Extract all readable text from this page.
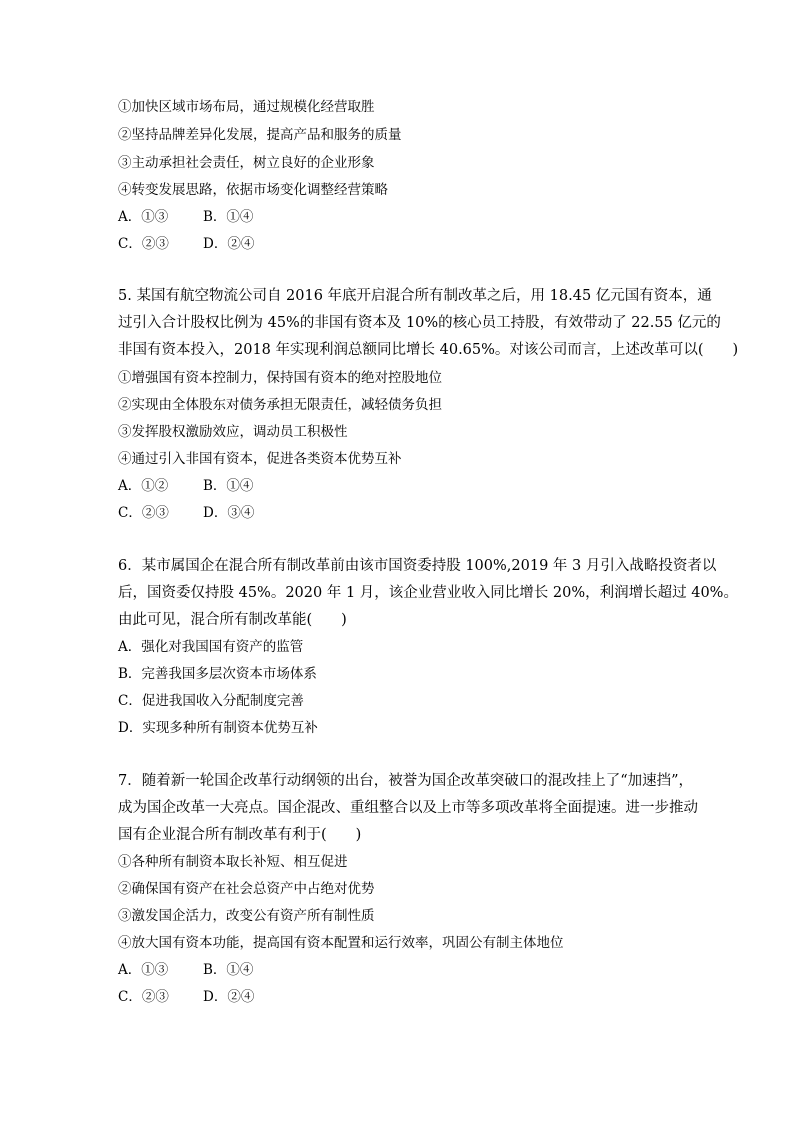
①加快区域市场布局，通过规模化经营取胜
②坚持品牌差异化发展，提高产品和服务的质量
③主动承担社会责任，树立良好的企业形象
④转变发展思路，依据市场变化调整经营策略
A．①③	B．①④
C．②③	D．②④
5. 某国有航空物流公司自 2016 年底开启混合所有制改革之后，用 18.45 亿元国有资本，通
过引入合计股权比例为 45%的非国有资本及 10%的核心员工持股，有效带动了 22.55 亿元的
非国有资本投入，2018 年实现利润总额同比增长 40.65%。对该公司而言，上述改革可以(　　)
①增强国有资本控制力，保持国有资本的绝对控股地位
②实现由全体股东对债务承担无限责任，减轻债务负担
③发挥股权激励效应，调动员工积极性
④通过引入非国有资本，促进各类资本优势互补
A．①②	B．①④
C．②③	D．③④
6．某市属国企在混合所有制改革前由该市国资委持股 100%,2019 年 3 月引入战略投资者以
后，国资委仅持股 45%。2020 年 1 月，该企业营业收入同比增长 20%，利润增长超过 40%。
由此可见，混合所有制改革能(　　)
A．强化对我国国有资产的监管
B．完善我国多层次资本市场体系
C．促进我国收入分配制度完善
D．实现多种所有制资本优势互补
7．随着新一轮国企改革行动纲领的出台，被誉为国企改革突破口的混改挂上了“加速挡”，
成为国企改革一大亮点。国企混改、重组整合以及上市等多项改革将全面提速。进一步推动
国有企业混合所有制改革有利于(　　)
①各种所有制资本取长补短、相互促进
②确保国有资产在社会总资产中占绝对优势
③激发国企活力，改变公有资产所有制性质
④放大国有资本功能，提高国有资本配置和运行效率，巩固公有制主体地位
A．①③	B．①④
C．②③	D．②④
